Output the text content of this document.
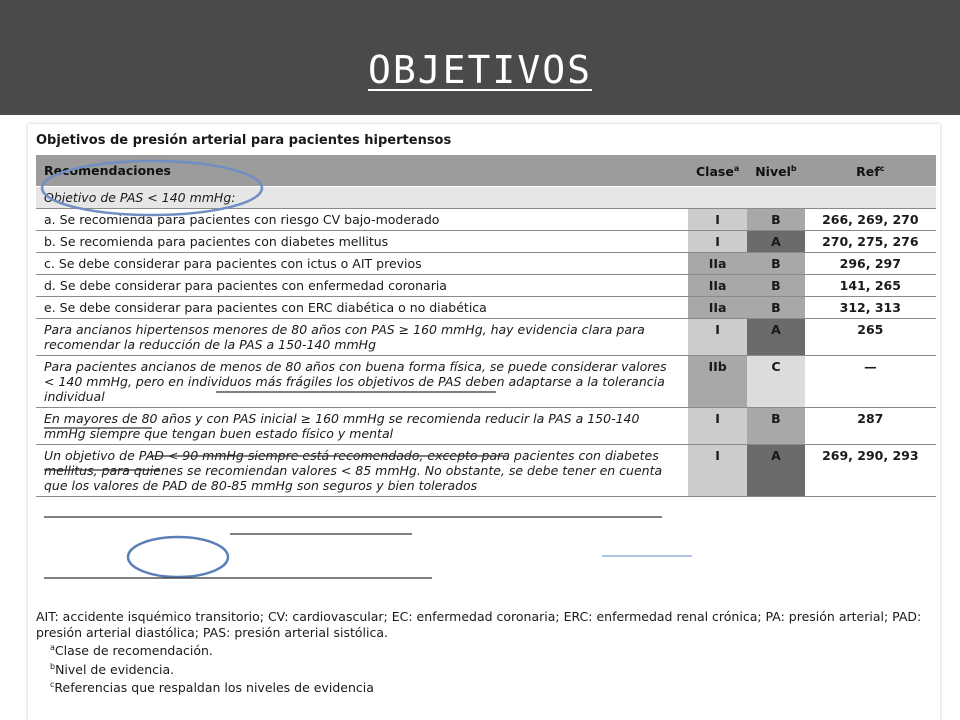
OBJETIVOS
Objetivos de presión arterial para pacientes hipertensos
Recomendaciones	Clase$^a$	Nivel$^b$	Ref$^c$
Objetivo de PAS < 140 mmHg:			
a. Se recomienda para pacientes con riesgo CV bajo-moderado	I	B	266, 269, 270
b. Se recomienda para pacientes con diabetes mellitus	I	A	270, 275, 276
c. Se debe considerar para pacientes con ictus o AIT previos	IIa	B	296, 297
d. Se debe considerar para pacientes con enfermedad coronaria	IIa	B	141, 265
e. Se debe considerar para pacientes con ERC diabética o no diabética	IIa	B	312, 313
Para ancianos hipertensos menores de 80 años con PAS ≥ 160 mmHg, hay evidencia clara para recomendar la reducción de la PAS a 150-140 mmHg	I	A	265
Para pacientes ancianos de menos de 80 años con buena forma física, se puede considerar valores < 140 mmHg, pero en individuos más frágiles los objetivos de PAS deben adaptarse a la tolerancia individual	IIb	C	—
En mayores de 80 años y con PAS inicial ≥ 160 mmHg se recomienda reducir la PAS a 150-140 mmHg siempre que tengan buen estado físico y mental	I	B	287
Un objetivo de PAD < 90 mmHg siempre está recomendado, excepto para pacientes con diabetes mellitus, para quienes se recomiendan valores < 85 mmHg. No obstante, se debe tener en cuenta que los valores de PAD de 80-85 mmHg son seguros y bien tolerados	I	A	269, 290, 293
AIT: accidente isquémico transitorio; CV: cardiovascular; EC: enfermedad coronaria; ERC: enfermedad renal crónica; PA: presión arterial; PAD: presión arterial diastólica; PAS: presión arterial sistólica.
$^a$Clase de recomendación.
$^b$Nivel de evidencia.
$^c$Referencias que respaldan los niveles de evidencia
